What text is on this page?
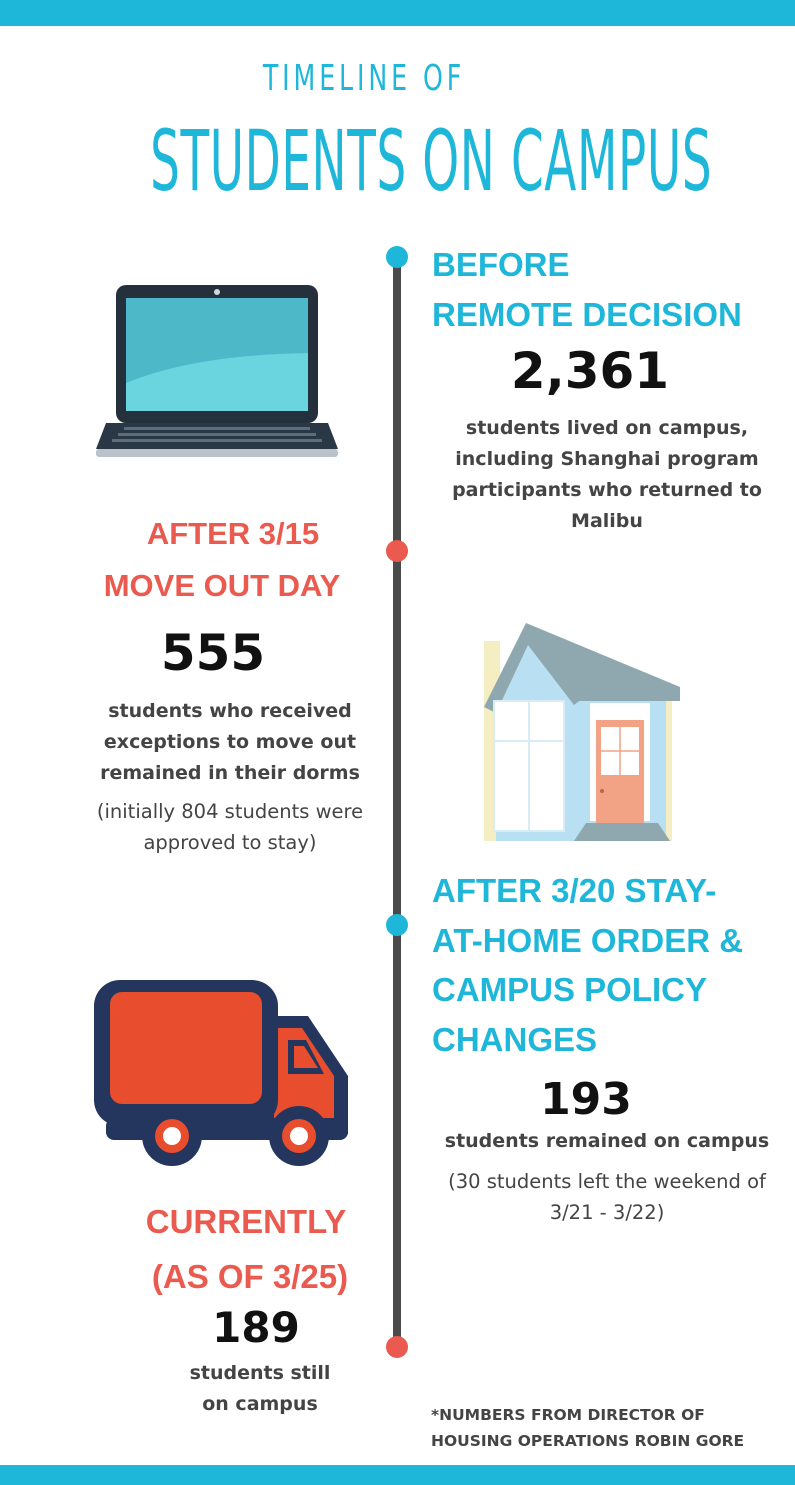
TIMELINE OF
STUDENTS ON CAMPUS
BEFORE
REMOTE DECISION
2,361
students lived on campus, including Shanghai program participants who returned to Malibu
AFTER 3/15
MOVE OUT DAY
555
students who received exceptions to move out remained in their dorms
(initially 804 students were approved to stay)
AFTER 3/20 STAY-
AT-HOME ORDER &
CAMPUS POLICY
CHANGES
193
students remained on campus
(30 students left the weekend of 3/21 - 3/22)
CURRENTLY
(AS OF 3/25)
189
students still
on campus	*NUMBERS FROM DIRECTOR OF
HOUSING OPERATIONS ROBIN GORE
